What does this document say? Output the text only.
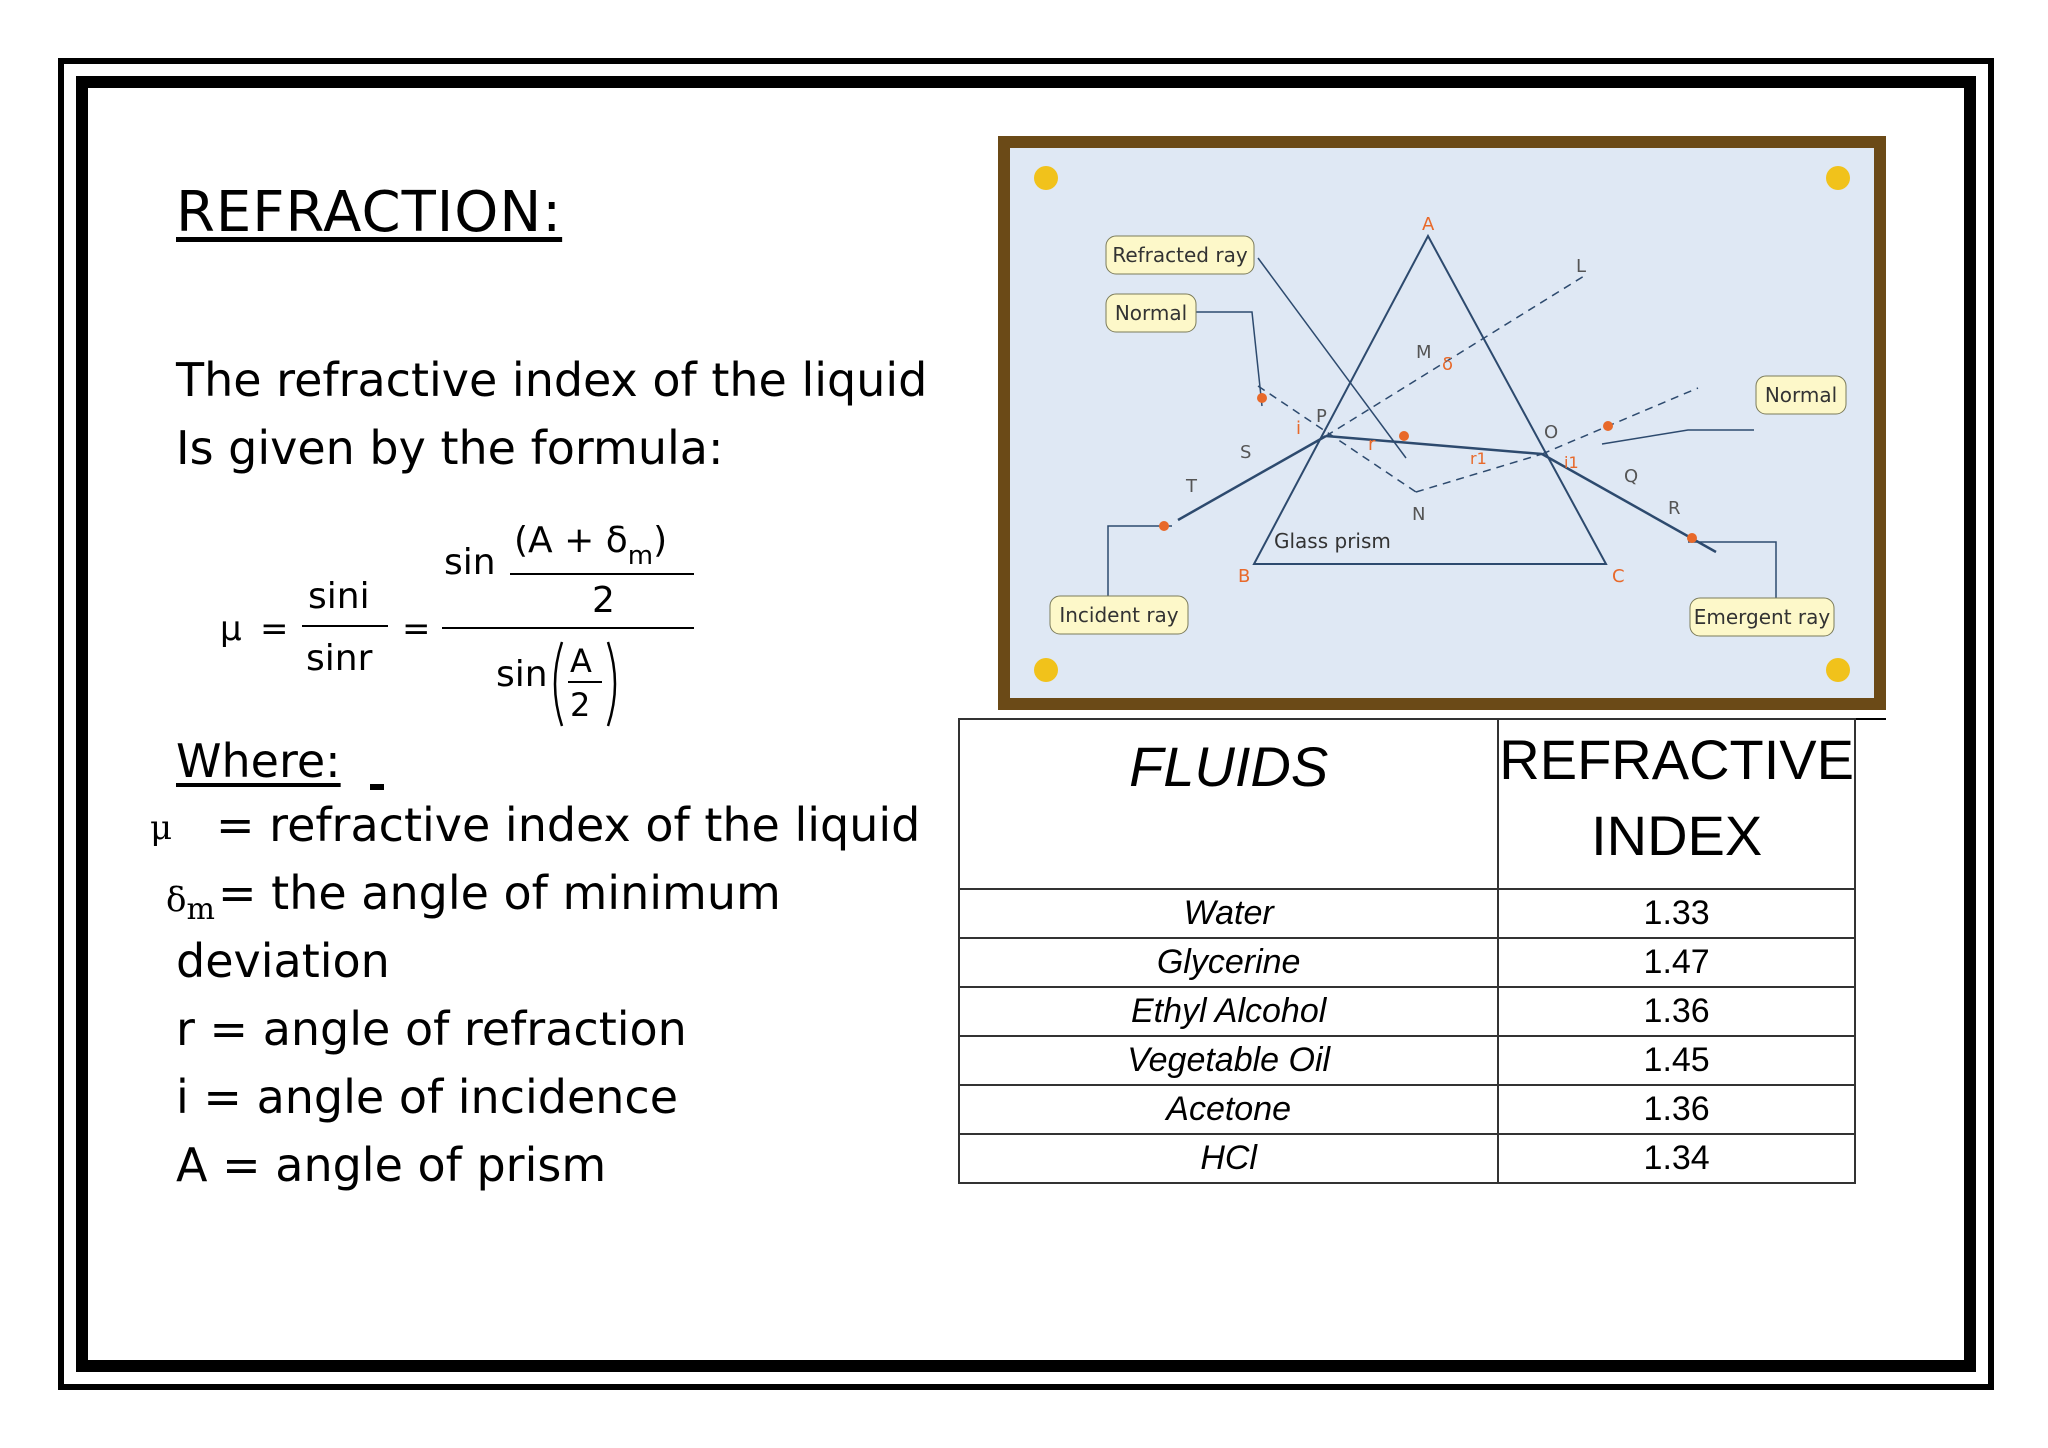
REFRACTION:
The refractive index of the liquid
Is given by the formula:
μ =
sini
sinr
=
sin
$(A + \delta_m)$
2
sin A
2
Where:
μ = refractive index of the liquid
$\delta_m$ = the angle of minimum
deviation
r = angle of refraction
i = angle of incidence
A = angle of prism
Incident ray
Refracted ray
Normal
Normal
Emergent ray
Glass prism
A
B	C
L
M
N
P
O
Q
R
S
T
δ
i
r
r1	i1
FLUIDS	REFRACTIVE
INDEX

Water	1.33
Glycerine	1.47
Ethyl Alcohol	1.36
Vegetable Oil	1.45
Acetone	1.36
HCl	1.34
